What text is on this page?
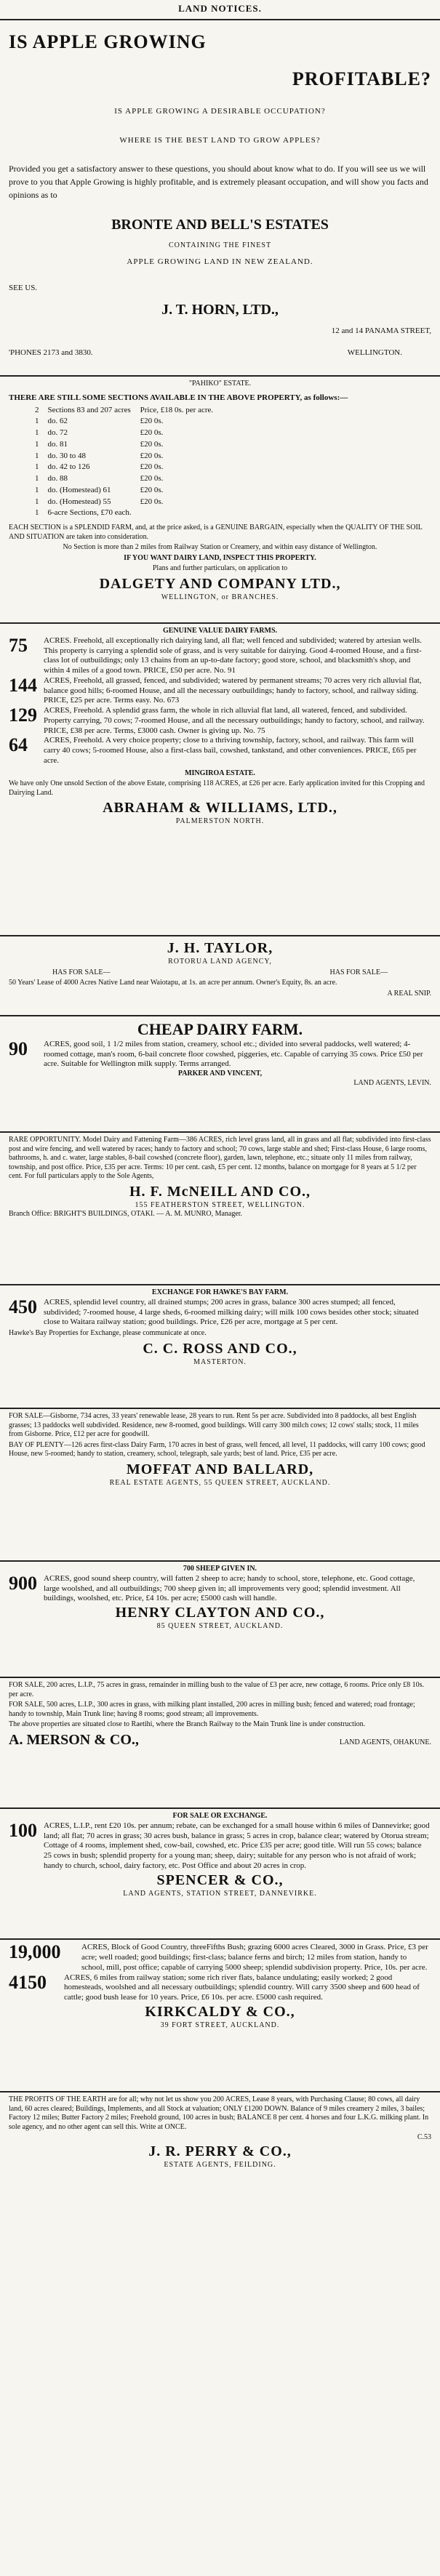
LAND NOTICES.
IS APPLE GROWING
PROFITABLE?
IS APPLE GROWING A DESIRABLE OCCUPATION?
WHERE IS THE BEST LAND TO GROW APPLES?

Provided you get a satisfactory answer to these questions, you should about know what to do. If you will see us we will prove to you that Apple Growing is highly profitable, and is extremely pleasant occupation, and will show you facts and opinions as to

BRONTE AND BELL'S ESTATES
CONTAINING THE FINEST
APPLE GROWING LAND IN NEW ZEALAND.
SEE US.
J. T. HORN, LTD.,
12 and 14 PANAMA STREET,
'PHONES 2173 and 3830.	WELLINGTON.
"PAHIKO" ESTATE.

THERE ARE STILL SOME SECTIONS AVAILABLE IN THE ABOVE PROPERTY, as follows:—

2	Sections 83 and 207 acres	Price, £18 0s. per acre.
1	do. 62	£20 0s.
1	do. 72	£20 0s.
1	do. 81	£20 0s.
1	do. 30 to 48	£20 0s.
1	do. 42 to 126	£20 0s.
1	do. 88	£20 0s.
1	do. (Homestead) 61	£20 0s.
1	do. (Homestead) 55	£20 0s.
1	6-acre Sections, £70 each.	

EACH SECTION is a SPLENDID FARM, and, at the price asked, is a GENUINE BARGAIN, especially when the QUALITY OF THE SOIL AND SITUATION are taken into consideration.

No Section is more than 2 miles from Railway Station or Creamery, and within easy distance of Wellington.

IF YOU WANT DAIRY LAND, INSPECT THIS PROPERTY.

Plans and further particulars, on application to

DALGETY AND COMPANY LTD.,
WELLINGTON, or BRANCHES.
GENUINE VALUE DAIRY FARMS.
75	ACRES. Freehold, all exceptionally rich dairying land, all flat; well fenced and subdivided; watered by artesian wells. This property is carrying a splendid sole of grass, and is very suitable for dairying. Good 4-roomed House, and a first-class lot of outbuildings; only 13 chains from an up-to-date factory; good store, school, and blacksmith's shop, and within 4 miles of a good town. PRICE, £50 per acre. No. 91
144 ACRES, Freehold, all grassed, fenced, and subdivided; watered by permanent streams; 70 acres very rich alluvial flat, balance good hills; 6-roomed House, and all the necessary outbuildings; handy to factory, school, and railway siding. PRICE, £25 per acre. Terms easy. No. 673
129 ACRES, Freehold. A splendid grass farm, the whole in rich alluvial flat land, all watered, fenced, and subdivided. Property carrying, 70 cows; 7-roomed House, and all the necessary outbuildings; handy to factory, school, and railway. PRICE, £38 per acre. Terms, £3000 cash. Owner is giving up. No. 75
64	ACRES, Freehold. A very choice property; close to a thriving township, factory, school, and railway. This farm will carry 40 cows; 5-roomed House, also a first-class bail, cowshed, tankstand, and other conveniences. PRICE, £65 per acre.
MINGIROA ESTATE.

We have only One unsold Section of the above Estate, comprising 118 ACRES, at £26 per acre. Early application invited for this Cropping and Dairying Land.

ABRAHAM & WILLIAMS, LTD.,
PALMERSTON NORTH.
J. H. TAYLOR,
ROTORUA LAND AGENCY,
HAS FOR SALE—	HAS FOR SALE—

50 Years' Lease of 4000 Acres Native Land near Waiotapu, at 1s. an acre per annum. Owner's Equity, 8s. an acre.

A REAL SNIP.
CHEAP DAIRY FARM.
90	ACRES, good soil, 1 1/2 miles from station, creamery, school etc.; divided into several paddocks, well watered; 4-roomed cottage, man's room, 6-bail concrete floor cowshed, piggeries, etc. Capable of carrying 35 cows. Price £50 per acre. Suitable for Wellington milk supply. Terms arranged.
PARKER AND VINCENT,
LAND AGENTS, LEVIN.

RARE OPPORTUNITY. Model Dairy and Fattening Farm—386 ACRES, rich level grass land, all in grass and all flat; subdivided into first-class post and wire fencing, and well watered by races; handy to factory and school; 70 cows, large stable and shed; First-class House, 6 large rooms, bathrooms, h. and c. water, large stables, 8-bail cowshed (concrete floor), garden, lawn, telephone, etc.; situate only 11 miles from railway, township, and post office. Price, £35 per acre. Terms: 10 per cent. cash, £5 per cent. 12 months, balance on mortgage for 8 years at 5 1/2 per cent. For full particulars apply to the Sole Agents,

H. F. McNEILL AND CO.,
155 FEATHERSTON STREET, WELLINGTON.
Branch Office: BRIGHT'S BUILDINGS, OTAKI. — A. M. MUNRO, Manager.
EXCHANGE FOR HAWKE'S BAY FARM.
450 ACRES, splendid level country, all drained stumps; 200 acres in grass, balance 300 acres stumped; all fenced, subdivided; 7-roomed house, 4 large sheds, 6-roomed milking dairy; will milk 100 cows besides other stock; situated close to Waitara railway station; good buildings. Price, £26 per acre, mortgage at 5 per cent.

Hawke's Bay Properties for Exchange, please communicate at once.

C. C. ROSS AND CO.,
MASTERTON.

FOR SALE—Gisborne, 734 acres, 33 years' renewable lease, 28 years to run. Rent 5s per acre. Subdivided into 8 paddocks, all best English grasses; 13 paddocks well subdivided. Residence, new 8-roomed, good buildings. Will carry 300 milch cows; 12 cows' stalls; stock, 11 miles from Gisborne. Price, £12 per acre for goodwill.

BAY OF PLENTY—126 acres first-class Dairy Farm, 170 acres in best of grass, well fenced, all level, 11 paddocks, will carry 100 cows; good House, new 5-roomed; handy to station, creamery, school, telegraph, sale yards; best of land. Price, £35 per acre.

MOFFAT AND BALLARD,
REAL ESTATE AGENTS, 55 QUEEN STREET, AUCKLAND.
700 SHEEP GIVEN IN.
900 ACRES, good sound sheep country, will fatten 2 sheep to acre; handy to school, store, telephone, etc. Good cottage, large woolshed, and all outbuildings; 700 sheep given in; all improvements very good; splendid investment. All buildings, woolshed, etc. Price, £4 10s. per acre; £5000 cash will handle.
HENRY CLAYTON AND CO.,
85 QUEEN STREET, AUCKLAND.

FOR SALE, 200 acres, L.I.P., 75 acres in grass, remainder in milling bush to the value of £3 per acre, new cottage, 6 rooms. Price only £8 10s. per acre.

FOR SALE, 500 acres, L.I.P., 300 acres in grass, with milking plant installed, 200 acres in milling bush; fenced and watered; road frontage; handy to township, Main Trunk line; having 8 rooms; good stream; all improvements.

The above properties are situated close to Raetihi, where the Branch Railway to the Main Trunk line is under construction.

A. MERSON & CO.,	LAND AGENTS, OHAKUNE.
FOR SALE OR EXCHANGE.
100 ACRES, L.I.P., rent £20 10s. per annum; rebate, can be exchanged for a small house within 6 miles of Dannevirke; good land; all flat; 70 acres in grass; 30 acres bush, balance in grass; 5 acres in crop, balance clear; watered by Otorua stream; Cottage of 4 rooms, implement shed, cow-bail, cowshed, etc. Price £35 per acre; good title. Will run 55 cows; balance 25 cows in bush; splendid property for a young man; sheep, dairy; suitable for any person who is not afraid of work; handy to church, school, dairy factory, etc. Post Office and about 20 acres in crop.
SPENCER & CO.,
LAND AGENTS, STATION STREET, DANNEVIRKE.
19,000	ACRES, Block of Good Country, threeFifths Bush; grazing 6000 acres Cleared, 3000 in Grass. Price, £3 per acre; well roaded; good buildings; first-class; balance ferns and birch; 12 miles from station, handy to school, mill, post office; capable of carrying 5000 sheep; splendid subdivision property. Price, 10s. per acre.
4150	ACRES, 6 miles from railway station; some rich river flats, balance undulating; easily worked; 2 good homesteads, woolshed and all necessary outbuildings; splendid country. Will carry 3500 sheep and 600 head of cattle; good bush lease for 10 years. Price, £6 10s. per acre. £5000 cash required.
KIRKCALDY & CO.,
39 FORT STREET, AUCKLAND.

THE PROFITS OF THE EARTH are for all; why not let us show you 200 ACRES, Lease 8 years, with Purchasing Clause; 80 cows, all dairy land, 60 acres cleared; Buildings, Implements, and all Stock at valuation; ONLY £1200 DOWN. Balance of 9 miles creamery 2 miles, 3 bailes; Factory 12 miles; Butter Factory 2 miles; Freehold ground, 100 acres in bush; BALANCE 8 per cent. 4 horses and four L.K.G. milking plant. In sole agency, and no other agent can sell this. Write at ONCE.

C.53
J. R. PERRY & CO.,
ESTATE AGENTS, FEILDING.
